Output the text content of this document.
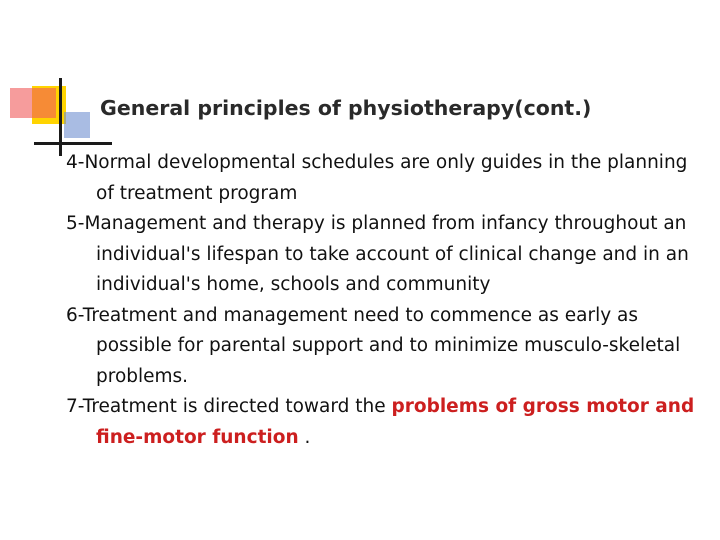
General principles of physiotherapy(cont.)

4-Normal developmental schedules are only guides in the planning of treatment program

5-Management and therapy is planned from infancy throughout an individual's lifespan to take account of clinical change and in an individual's home, schools and community

6-Treatment and management need to commence as early as possible for parental support and to minimize musculo-skeletal problems.

7-Treatment is directed toward the problems of gross motor and fine-motor function .
